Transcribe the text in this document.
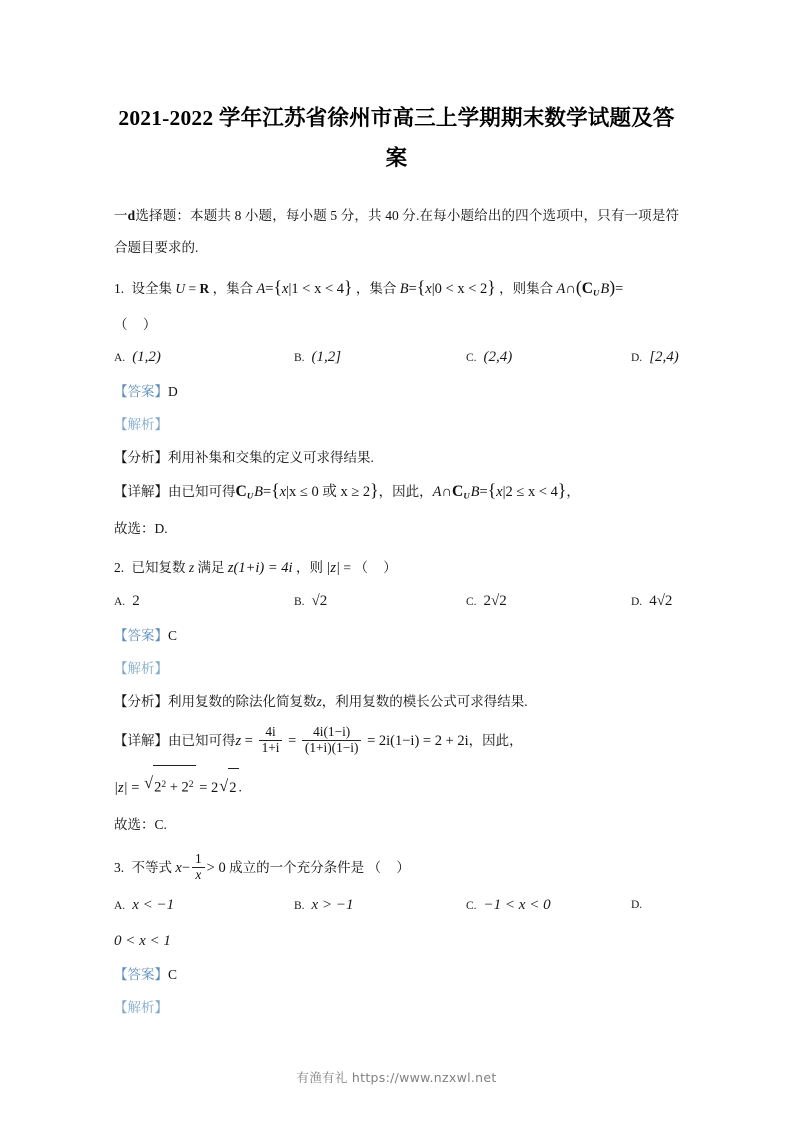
2021-2022 学年江苏省徐州市高三上学期期末数学试题及答案

一d选择题：本题共 8 小题，每小题 5 分，共 40 分.在每小题给出的四个选项中，只有一项是符合题目要求的.

1. 设全集 U = R ，集合 A={x|1 < x < 4} ，集合 B={x|0 < x < 2} ，则集合 A∩(CUB)=
（ ）
A. (1,2)	B. (1,2]	C. (2,4)	D. [2,4)
【答案】D
【解析】
【分析】利用补集和交集的定义可求得结果.
【详解】由已知可得CUB={x|x ≤ 0 或 x ≥ 2}，因此，A∩CUB={x|2 ≤ x < 4}，
故选：D.
2. 已知复数 z 满足 z(1+i) = 4i ，则 |z| = （ ）
A. 2	B. √2	C. 2√2	D. 4√2
【答案】C
【解析】
【分析】利用复数的除法化简复数z，利用复数的模长公式可求得结果.
【详解】由已知可得$z = \frac{4i}{1+i} = \frac{4i(1-i)}{(1+i)(1-i)} = 2i(1-i) = 2 + 2i$，因此，
|z| = √ $2^2 + 2^2 = 2$ √ 2 .
故选：C.
3. 不等式 $x- \frac{1}{x} > 0$ 成立的一个充分条件是 （ ）
A. x < −1	B. x > −1	C. −1 < x < 0	D.
0 < x < 1
【答案】C
【解析】
有渔有礼 https://www.nzxwl.net
